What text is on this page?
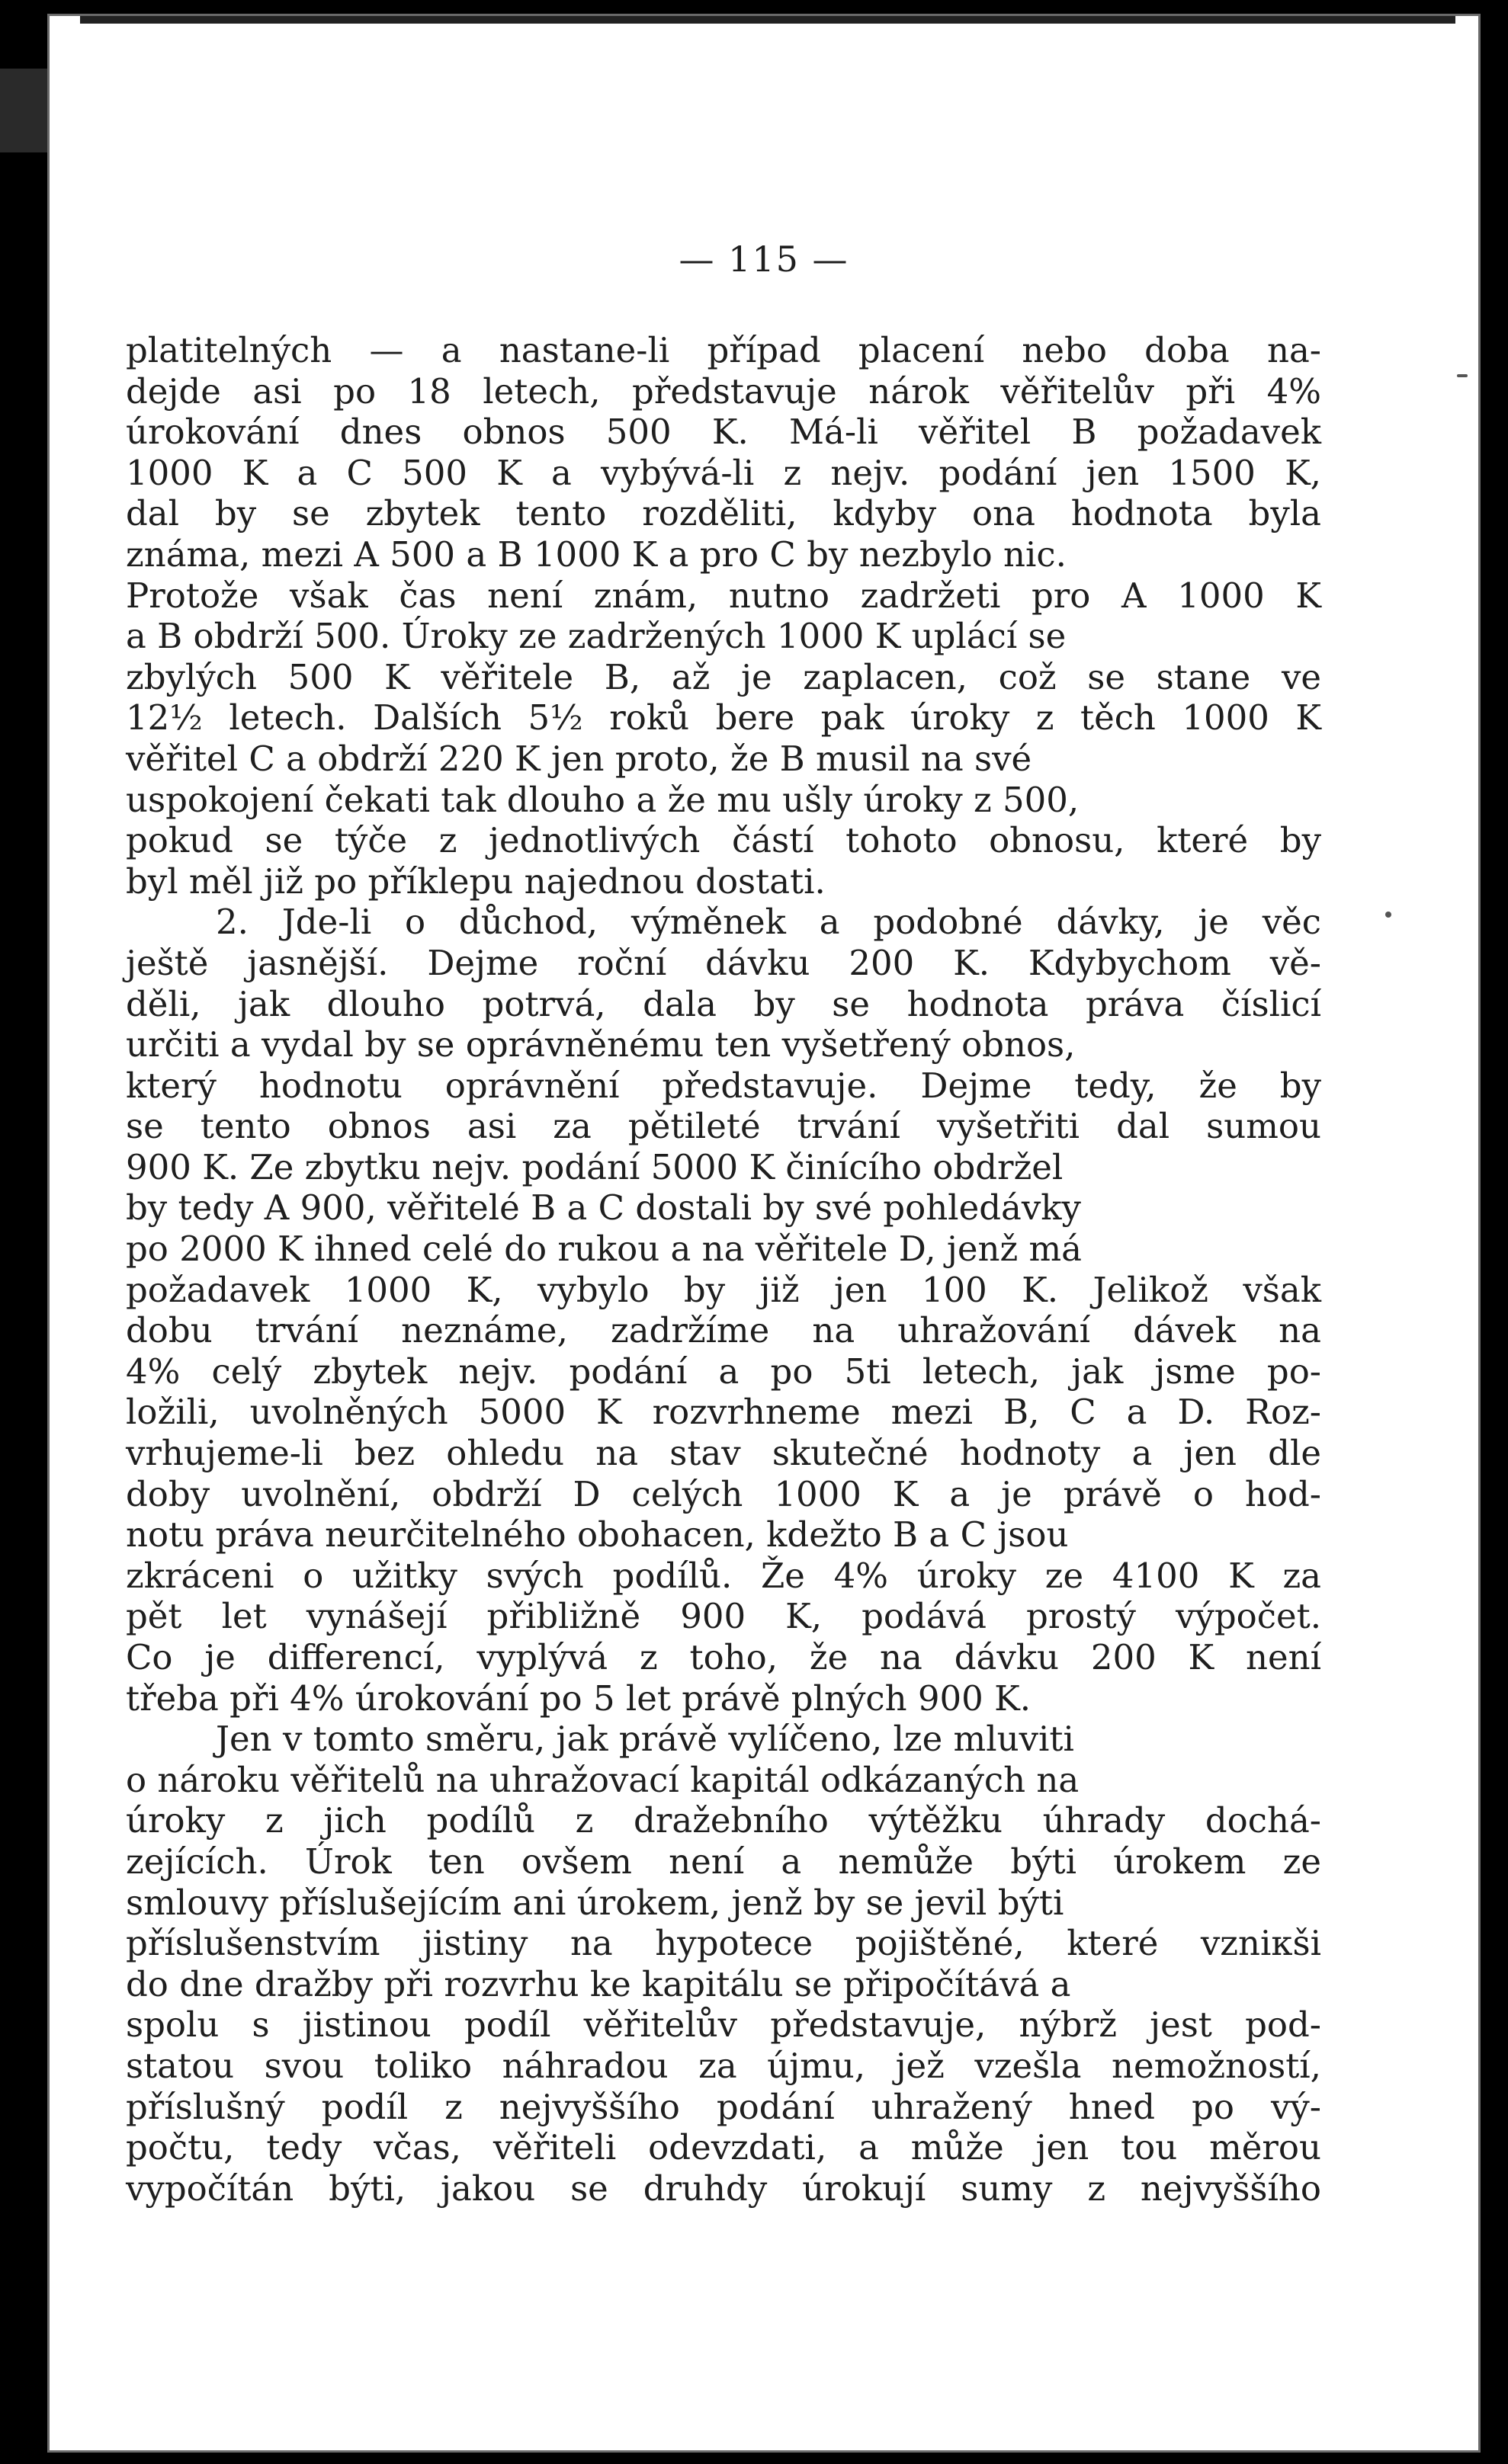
— 115 —
platitelných — a nastane-li případ placení nebo doba na-
dejde asi po 18 letech, představuje nárok věřitelův při 4%
úrokování dnes obnos 500 K. Má-li věřitel B požadavek
1000 K a C 500 K a vybývá-li z nejv. podání jen 1500 K,
dal by se zbytek tento rozděliti, kdyby ona hodnota byla
známa, mezi A 500 a B 1000 K a pro C by nezbylo nic.
Protože však čas není znám, nutno zadržeti pro A 1000 K
a B obdrží 500. Úroky ze zadržených 1000 K uplácí se
zbylých 500 K věřitele B, až je zaplacen, což se stane ve
12½ letech. Dalších 5½ roků bere pak úroky z těch 1000 K
věřitel C a obdrží 220 K jen proto, že B musil na své
uspokojení čekati tak dlouho a že mu ušly úroky z 500,
pokud se týče z jednotlivých částí tohoto obnosu, které by
byl měl již po příklepu najednou dostati.
2. Jde-li o důchod, výměnek a podobné dávky, je věc
ještě jasnější. Dejme roční dávku 200 K. Kdybychom vě-
děli, jak dlouho potrvá, dala by se hodnota práva číslicí
určiti a vydal by se oprávněnému ten vyšetřený obnos,
který hodnotu oprávnění představuje. Dejme tedy, že by
se tento obnos asi za pětileté trvání vyšetřiti dal sumou
900 K. Ze zbytku nejv. podání 5000 K činícího obdržel
by tedy A 900, věřitelé B a C dostali by své pohledávky
po 2000 K ihned celé do rukou a na věřitele D, jenž má
požadavek 1000 K, vybylo by již jen 100 K. Jelikož však
dobu trvání neznáme, zadržíme na uhražování dávek na
4% celý zbytek nejv. podání a po 5ti letech, jak jsme po-
ložili, uvolněných 5000 K rozvrhneme mezi B, C a D. Roz-
vrhujeme-li bez ohledu na stav skutečné hodnoty a jen dle
doby uvolnění, obdrží D celých 1000 K a je právě o hod-
notu práva neurčitelného obohacen, kdežto B a C jsou
zkráceni o užitky svých podílů. Že 4% úroky ze 4100 K za
pět let vynášejí přibližně 900 K, podává prostý výpočet.
Co je differencí, vyplývá z toho, že na dávku 200 K není
třeba při 4% úrokování po 5 let právě plných 900 K.
Jen v tomto směru, jak právě vylíčeno, lze mluviti
o nároku věřitelů na uhražovací kapitál odkázaných na
úroky z jich podílů z dražebního výtěžku úhrady dochá-
zejících. Úrok ten ovšem není a nemůže býti úrokem ze
smlouvy příslušejícím ani úrokem, jenž by se jevil býti
příslušenstvím jistiny na hypotece pojištěné, které vzniкši
do dne dražby při rozvrhu ke kapitálu se připočítává a
spolu s jistinou podíl věřitelův představuje, nýbrž jest pod-
statou svou toliko náhradou za újmu, jež vzešla nemožností,
příslušný podíl z nejvyššího podání uhražený hned po vý-
počtu, tedy včas, věřiteli odevzdati, a může jen tou měrou
vypočítán býti, jakou se druhdy úrokují sumy z nejvyššího
